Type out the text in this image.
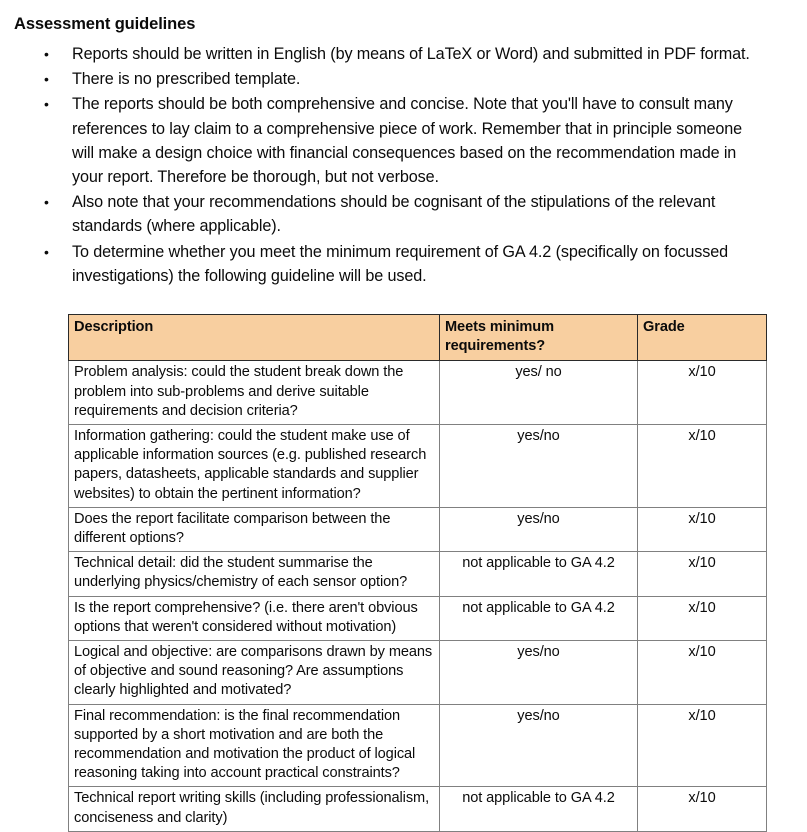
Assessment guidelines
• Reports should be written in English (by means of LaTeX or Word) and submitted in PDF format.
• There is no prescribed template.
• The reports should be both comprehensive and concise. Note that you'll have to consult many references to lay claim to a comprehensive piece of work. Remember that in principle someone will make a design choice with financial consequences based on the recommendation made in your report. Therefore be thorough, but not verbose.
• Also note that your recommendations should be cognisant of the stipulations of the relevant standards (where applicable).
• To determine whether you meet the minimum requirement of GA 4.2 (specifically on focussed investigations) the following guideline will be used.
Description	Meets minimum requirements?	Grade
Problem analysis: could the student break down the problem into sub-problems and derive suitable requirements and decision criteria?	yes/ no	x/10
Information gathering: could the student make use of applicable information sources (e.g. published research papers, datasheets, applicable standards and supplier websites) to obtain the pertinent information?	yes/no	x/10
Does the report facilitate comparison between the different options?	yes/no	x/10
Technical detail: did the student summarise the underlying physics/chemistry of each sensor option?	not applicable to GA 4.2	x/10
Is the report comprehensive? (i.e. there aren't obvious options that weren't considered without motivation)	not applicable to GA 4.2	x/10
Logical and objective: are comparisons drawn by means of objective and sound reasoning? Are assumptions clearly highlighted and motivated?	yes/no	x/10
Final recommendation: is the final recommendation supported by a short motivation and are both the recommendation and motivation the product of logical reasoning taking into account practical constraints?	yes/no	x/10
Technical report writing skills (including professionalism, conciseness and clarity)	not applicable to GA 4.2	x/10
